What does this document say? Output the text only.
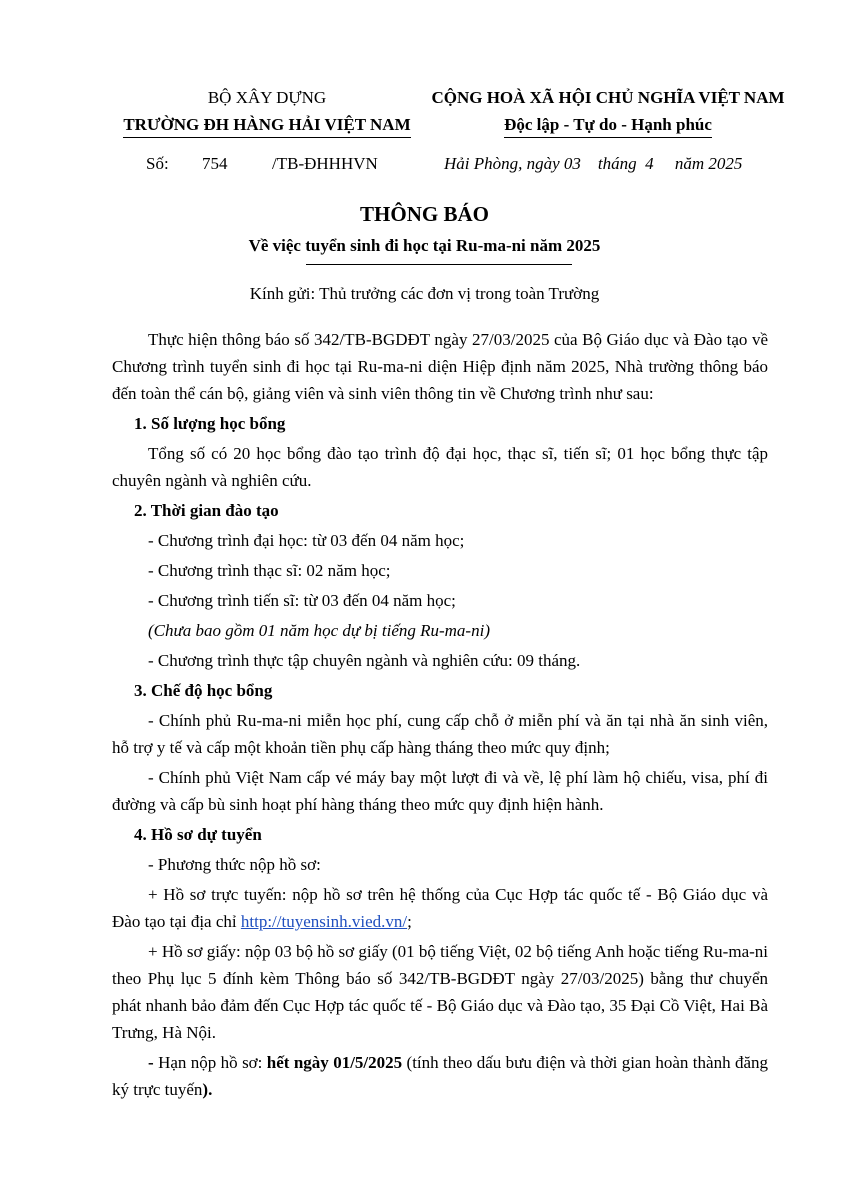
BỘ XÂY DỰNG
TRƯỜNG ĐH HÀNG HẢI VIỆT NAM
CỘNG HOÀ XÃ HỘI CHỦ NGHĨA VIỆT NAM
Độc lập - Tự do - Hạnh phúc
Số: 754	/TB-ĐHHHVN	Hải Phòng, ngày 03    tháng  4     năm 2025
THÔNG BÁO
Về việc tuyển sinh đi học tại Ru-ma-ni năm 2025
Kính gửi: Thủ trưởng các đơn vị trong toàn Trường

Thực hiện thông báo số 342/TB-BGDĐT ngày 27/03/2025 của Bộ Giáo dục và Đào tạo về Chương trình tuyển sinh đi học tại Ru-ma-ni diện Hiệp định năm 2025, Nhà trường thông báo đến toàn thể cán bộ, giảng viên và sinh viên thông tin về Chương trình như sau:

1. Số lượng học bổng

Tổng số có 20 học bổng đào tạo trình độ đại học, thạc sĩ, tiến sĩ; 01 học bổng thực tập chuyên ngành và nghiên cứu.

2. Thời gian đào tạo

- Chương trình đại học: từ 03 đến 04 năm học;

- Chương trình thạc sĩ: 02 năm học;

- Chương trình tiến sĩ: từ 03 đến 04 năm học;

(Chưa bao gồm 01 năm học dự bị tiếng Ru-ma-ni)

- Chương trình thực tập chuyên ngành và nghiên cứu: 09 tháng.

3. Chế độ học bổng

- Chính phủ Ru-ma-ni miễn học phí, cung cấp chỗ ở miễn phí và ăn tại nhà ăn sinh viên, hỗ trợ y tế và cấp một khoản tiền phụ cấp hàng tháng theo mức quy định;

- Chính phủ Việt Nam cấp vé máy bay một lượt đi và về, lệ phí làm hộ chiếu, visa, phí đi đường và cấp bù sinh hoạt phí hàng tháng theo mức quy định hiện hành.

4. Hồ sơ dự tuyển

- Phương thức nộp hồ sơ:

+ Hồ sơ trực tuyến: nộp hồ sơ trên hệ thống của Cục Hợp tác quốc tế - Bộ Giáo dục và Đào tạo tại địa chỉ http://tuyensinh.vied.vn/;

+ Hồ sơ giấy: nộp 03 bộ hồ sơ giấy (01 bộ tiếng Việt, 02 bộ tiếng Anh hoặc tiếng Ru-ma-ni theo Phụ lục 5 đính kèm Thông báo số 342/TB-BGDĐT ngày 27/03/2025) bằng thư chuyển phát nhanh bảo đảm đến Cục Hợp tác quốc tế - Bộ Giáo dục và Đào tạo, 35 Đại Cồ Việt, Hai Bà Trưng, Hà Nội.

- Hạn nộp hồ sơ: hết ngày 01/5/2025 (tính theo dấu bưu điện và thời gian hoàn thành đăng ký trực tuyến).
